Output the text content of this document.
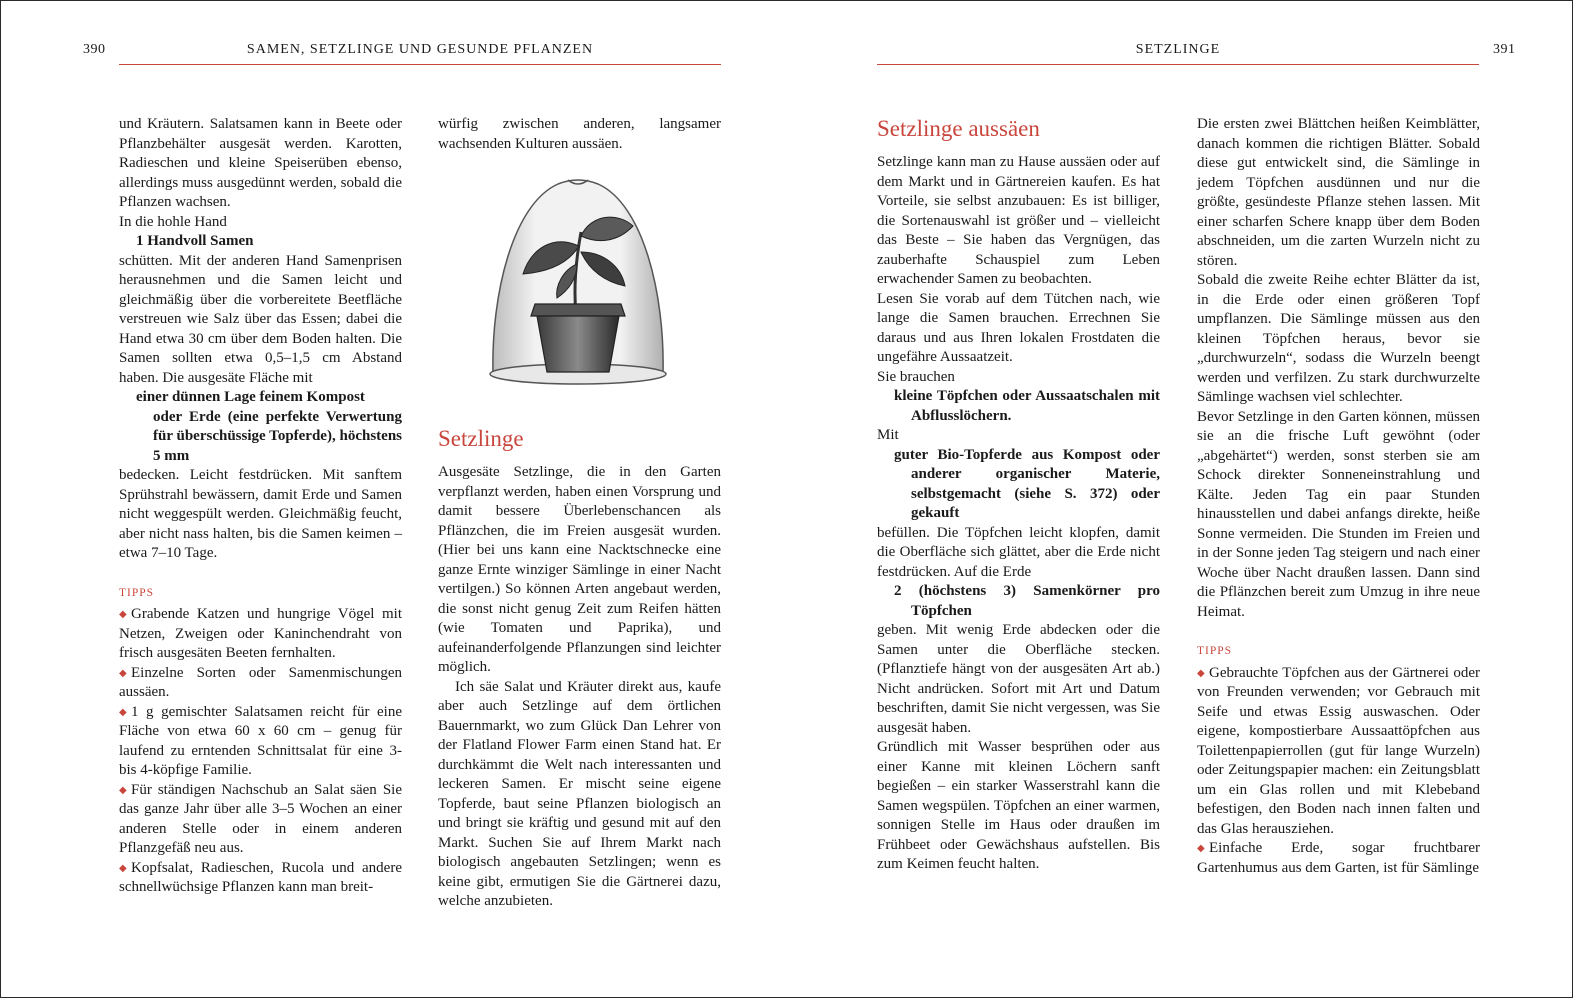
390	SAMEN, SETZLINGE UND GESUNDE PFLANZEN	SETZLINGE	391

und Kräutern. Salatsamen kann in Beete oder Pflanzbehälter ausgesät werden. Karotten, Radieschen und kleine Speiserüben ebenso, allerdings muss ausgedünnt werden, sobald die Pflanzen wachsen.

In die hohle Hand

1 Handvoll Samen

schütten. Mit der anderen Hand Samenprisen herausnehmen und die Samen leicht und gleichmäßig über die vorbereitete Beetfläche verstreuen wie Salz über das Essen; dabei die Hand etwa 30 cm über dem Boden halten. Die Samen sollten etwa 0,5–1,5 cm Abstand haben. Die ausgesäte Fläche mit

einer dünnen Lage feinem Kompost

oder Erde (eine perfekte Verwertung für überschüssige Topferde), höchstens 5 mm

bedecken. Leicht festdrücken. Mit sanftem Sprühstrahl bewässern, damit Erde und Samen nicht weggespült werden. Gleichmäßig feucht, aber nicht nass halten, bis die Samen keimen – etwa 7–10 Tage.

TIPPS

◆ Grabende Katzen und hungrige Vögel mit Netzen, Zweigen oder Kaninchendraht von frisch ausgesäten Beeten fernhalten.

◆ Einzelne Sorten oder Samenmischungen aussäen.

◆ 1 g gemischter Salatsamen reicht für eine Fläche von etwa 60 x 60 cm – genug für laufend zu erntenden Schnittsalat für eine 3- bis 4-köpfige Familie.

◆ Für ständigen Nachschub an Salat säen Sie das ganze Jahr über alle 3–5 Wochen an einer anderen Stelle oder in einem anderen Pflanzgefäß neu aus.

◆ Kopfsalat, Radieschen, Rucola und andere schnellwüchsige Pflanzen kann man breit-

würfig zwischen anderen, langsamer wachsenden Kulturen aussäen.

Setzlinge

Ausgesäte Setzlinge, die in den Garten verpflanzt werden, haben einen Vorsprung und damit bessere Überlebenschancen als Pflänzchen, die im Freien ausgesät wurden. (Hier bei uns kann eine Nacktschnecke eine ganze Ernte winziger Sämlinge in einer Nacht vertilgen.) So können Arten angebaut werden, die sonst nicht genug Zeit zum Reifen hätten (wie Tomaten und Paprika), und aufeinanderfolgende Pflanzungen sind leichter möglich.

Ich säe Salat und Kräuter direkt aus, kaufe aber auch Setzlinge auf dem örtlichen Bauernmarkt, wo zum Glück Dan Lehrer von der Flatland Flower Farm einen Stand hat. Er durchkämmt die Welt nach interessanten und leckeren Samen. Er mischt seine eigene Topferde, baut seine Pflanzen biologisch an und bringt sie kräftig und gesund mit auf den Markt. Suchen Sie auf Ihrem Markt nach biologisch angebauten Setzlingen; wenn es keine gibt, ermutigen Sie die Gärtnerei dazu, welche anzubieten.

Setzlinge aussäen

Setzlinge kann man zu Hause aussäen oder auf dem Markt und in Gärtnereien kaufen. Es hat Vorteile, sie selbst anzubauen: Es ist billiger, die Sortenauswahl ist größer und – vielleicht das Beste – Sie haben das Vergnügen, das zauberhafte Schauspiel zum Leben erwachender Samen zu beobachten.

Lesen Sie vorab auf dem Tütchen nach, wie lange die Samen brauchen. Errechnen Sie daraus und aus Ihren lokalen Frostdaten die ungefähre Aussaatzeit.

Sie brauchen

kleine Töpfchen oder Aussaatschalen mit Abflusslöchern.

Mit

guter Bio-Topferde aus Kompost oder anderer organischer Materie, selbstgemacht (siehe S. 372) oder gekauft

befüllen. Die Töpfchen leicht klopfen, damit die Oberfläche sich glättet, aber die Erde nicht festdrücken. Auf die Erde

2 (höchstens 3) Samenkörner pro Töpfchen

geben. Mit wenig Erde abdecken oder die Samen unter die Oberfläche stecken. (Pflanztiefe hängt von der ausgesäten Art ab.) Nicht andrücken. Sofort mit Art und Datum beschriften, damit Sie nicht vergessen, was Sie ausgesät haben.

Gründlich mit Wasser besprühen oder aus einer Kanne mit kleinen Löchern sanft begießen – ein starker Wasserstrahl kann die Samen wegspülen. Töpfchen an einer warmen, sonnigen Stelle im Haus oder draußen im Frühbeet oder Gewächshaus aufstellen. Bis zum Keimen feucht halten.

Die ersten zwei Blättchen heißen Keimblätter, danach kommen die richtigen Blätter. Sobald diese gut entwickelt sind, die Sämlinge in jedem Töpfchen ausdünnen und nur die größte, gesündeste Pflanze stehen lassen. Mit einer scharfen Schere knapp über dem Boden abschneiden, um die zarten Wurzeln nicht zu stören.

Sobald die zweite Reihe echter Blätter da ist, in die Erde oder einen größeren Topf umpflanzen. Die Sämlinge müssen aus den kleinen Töpfchen heraus, bevor sie „durchwurzeln“, sodass die Wurzeln beengt werden und verfilzen. Zu stark durchwurzelte Sämlinge wachsen viel schlechter.

Bevor Setzlinge in den Garten können, müssen sie an die frische Luft gewöhnt (oder „abgehärtet“) werden, sonst sterben sie am Schock direkter Sonneneinstrahlung und Kälte. Jeden Tag ein paar Stunden hinausstellen und dabei anfangs direkte, heiße Sonne vermeiden. Die Stunden im Freien und in der Sonne jeden Tag steigern und nach einer Woche über Nacht draußen lassen. Dann sind die Pflänzchen bereit zum Umzug in ihre neue Heimat.

TIPPS

◆ Gebrauchte Töpfchen aus der Gärtnerei oder von Freunden verwenden; vor Gebrauch mit Seife und etwas Essig auswaschen. Oder eigene, kompostierbare Aussaattöpfchen aus Toilettenpapierrollen (gut für lange Wurzeln) oder Zeitungspapier machen: ein Zeitungsblatt um ein Glas rollen und mit Klebeband befestigen, den Boden nach innen falten und das Glas herausziehen.

◆ Einfache Erde, sogar fruchtbarer Gartenhumus aus dem Garten, ist für Sämlinge
